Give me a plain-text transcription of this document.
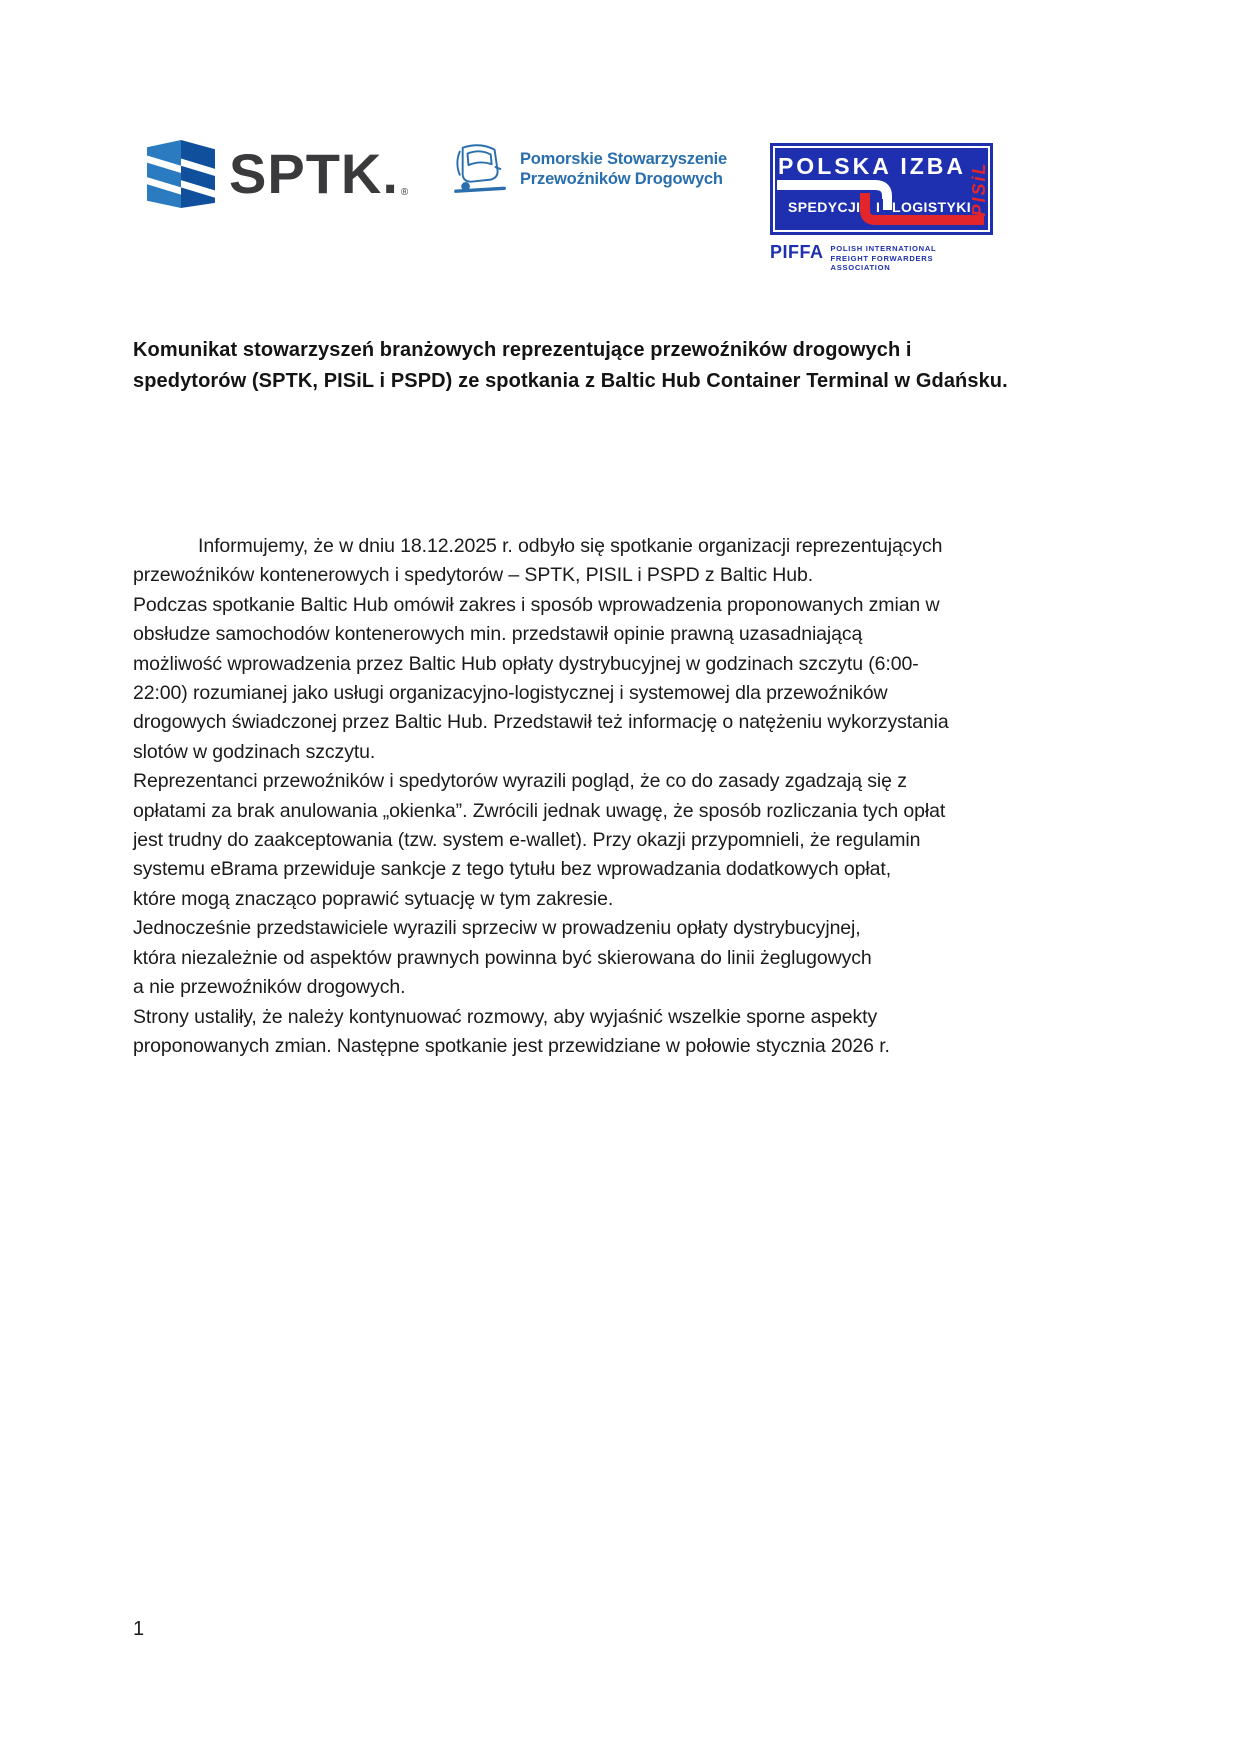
SPTK. ®
Pomorskie Stowarzyszenie
Przewoźników Drogowych POLSKA IZBA
SPEDYCJI I LOGISTYKI
PISiL
PIFFA POLISH INTERNATIONAL
FREIGHT FORWARDERS ASSOCIATION
Komunikat stowarzyszeń branżowych reprezentujące przewoźników drogowych i
spedytorów (SPTK, PISiL i PSPD) ze spotkania z Baltic Hub Container Terminal w Gdańsku.
Informujemy, że w dniu 18.12.2025 r. odbyło się spotkanie organizacji reprezentujących
przewoźników kontenerowych i spedytorów – SPTK, PISIL i PSPD z Baltic Hub.
Podczas spotkanie Baltic Hub omówił zakres i sposób wprowadzenia proponowanych zmian w
obsłudze samochodów kontenerowych min. przedstawił opinie prawną uzasadniającą
możliwość wprowadzenia przez Baltic Hub opłaty dystrybucyjnej w godzinach szczytu (6:00-
22:00) rozumianej jako usługi organizacyjno-logistycznej i systemowej dla przewoźników
drogowych świadczonej przez Baltic Hub. Przedstawił też informację o natężeniu wykorzystania
slotów w godzinach szczytu.
Reprezentanci przewoźników i spedytorów wyrazili pogląd, że co do zasady zgadzają się z
opłatami za brak anulowania „okienka”. Zwrócili jednak uwagę, że sposób rozliczania tych opłat
jest trudny do zaakceptowania (tzw. system e-wallet). Przy okazji przypomnieli, że regulamin
systemu eBrama przewiduje sankcje z tego tytułu bez wprowadzania dodatkowych opłat,
które mogą znacząco poprawić sytuację w tym zakresie.
Jednocześnie przedstawiciele wyrazili sprzeciw w prowadzeniu opłaty dystrybucyjnej,
która niezależnie od aspektów prawnych powinna być skierowana do linii żeglugowych
a nie przewoźników drogowych.
Strony ustaliły, że należy kontynuować rozmowy, aby wyjaśnić wszelkie sporne aspekty
proponowanych zmian. Następne spotkanie jest przewidziane w połowie stycznia 2026 r.
1
